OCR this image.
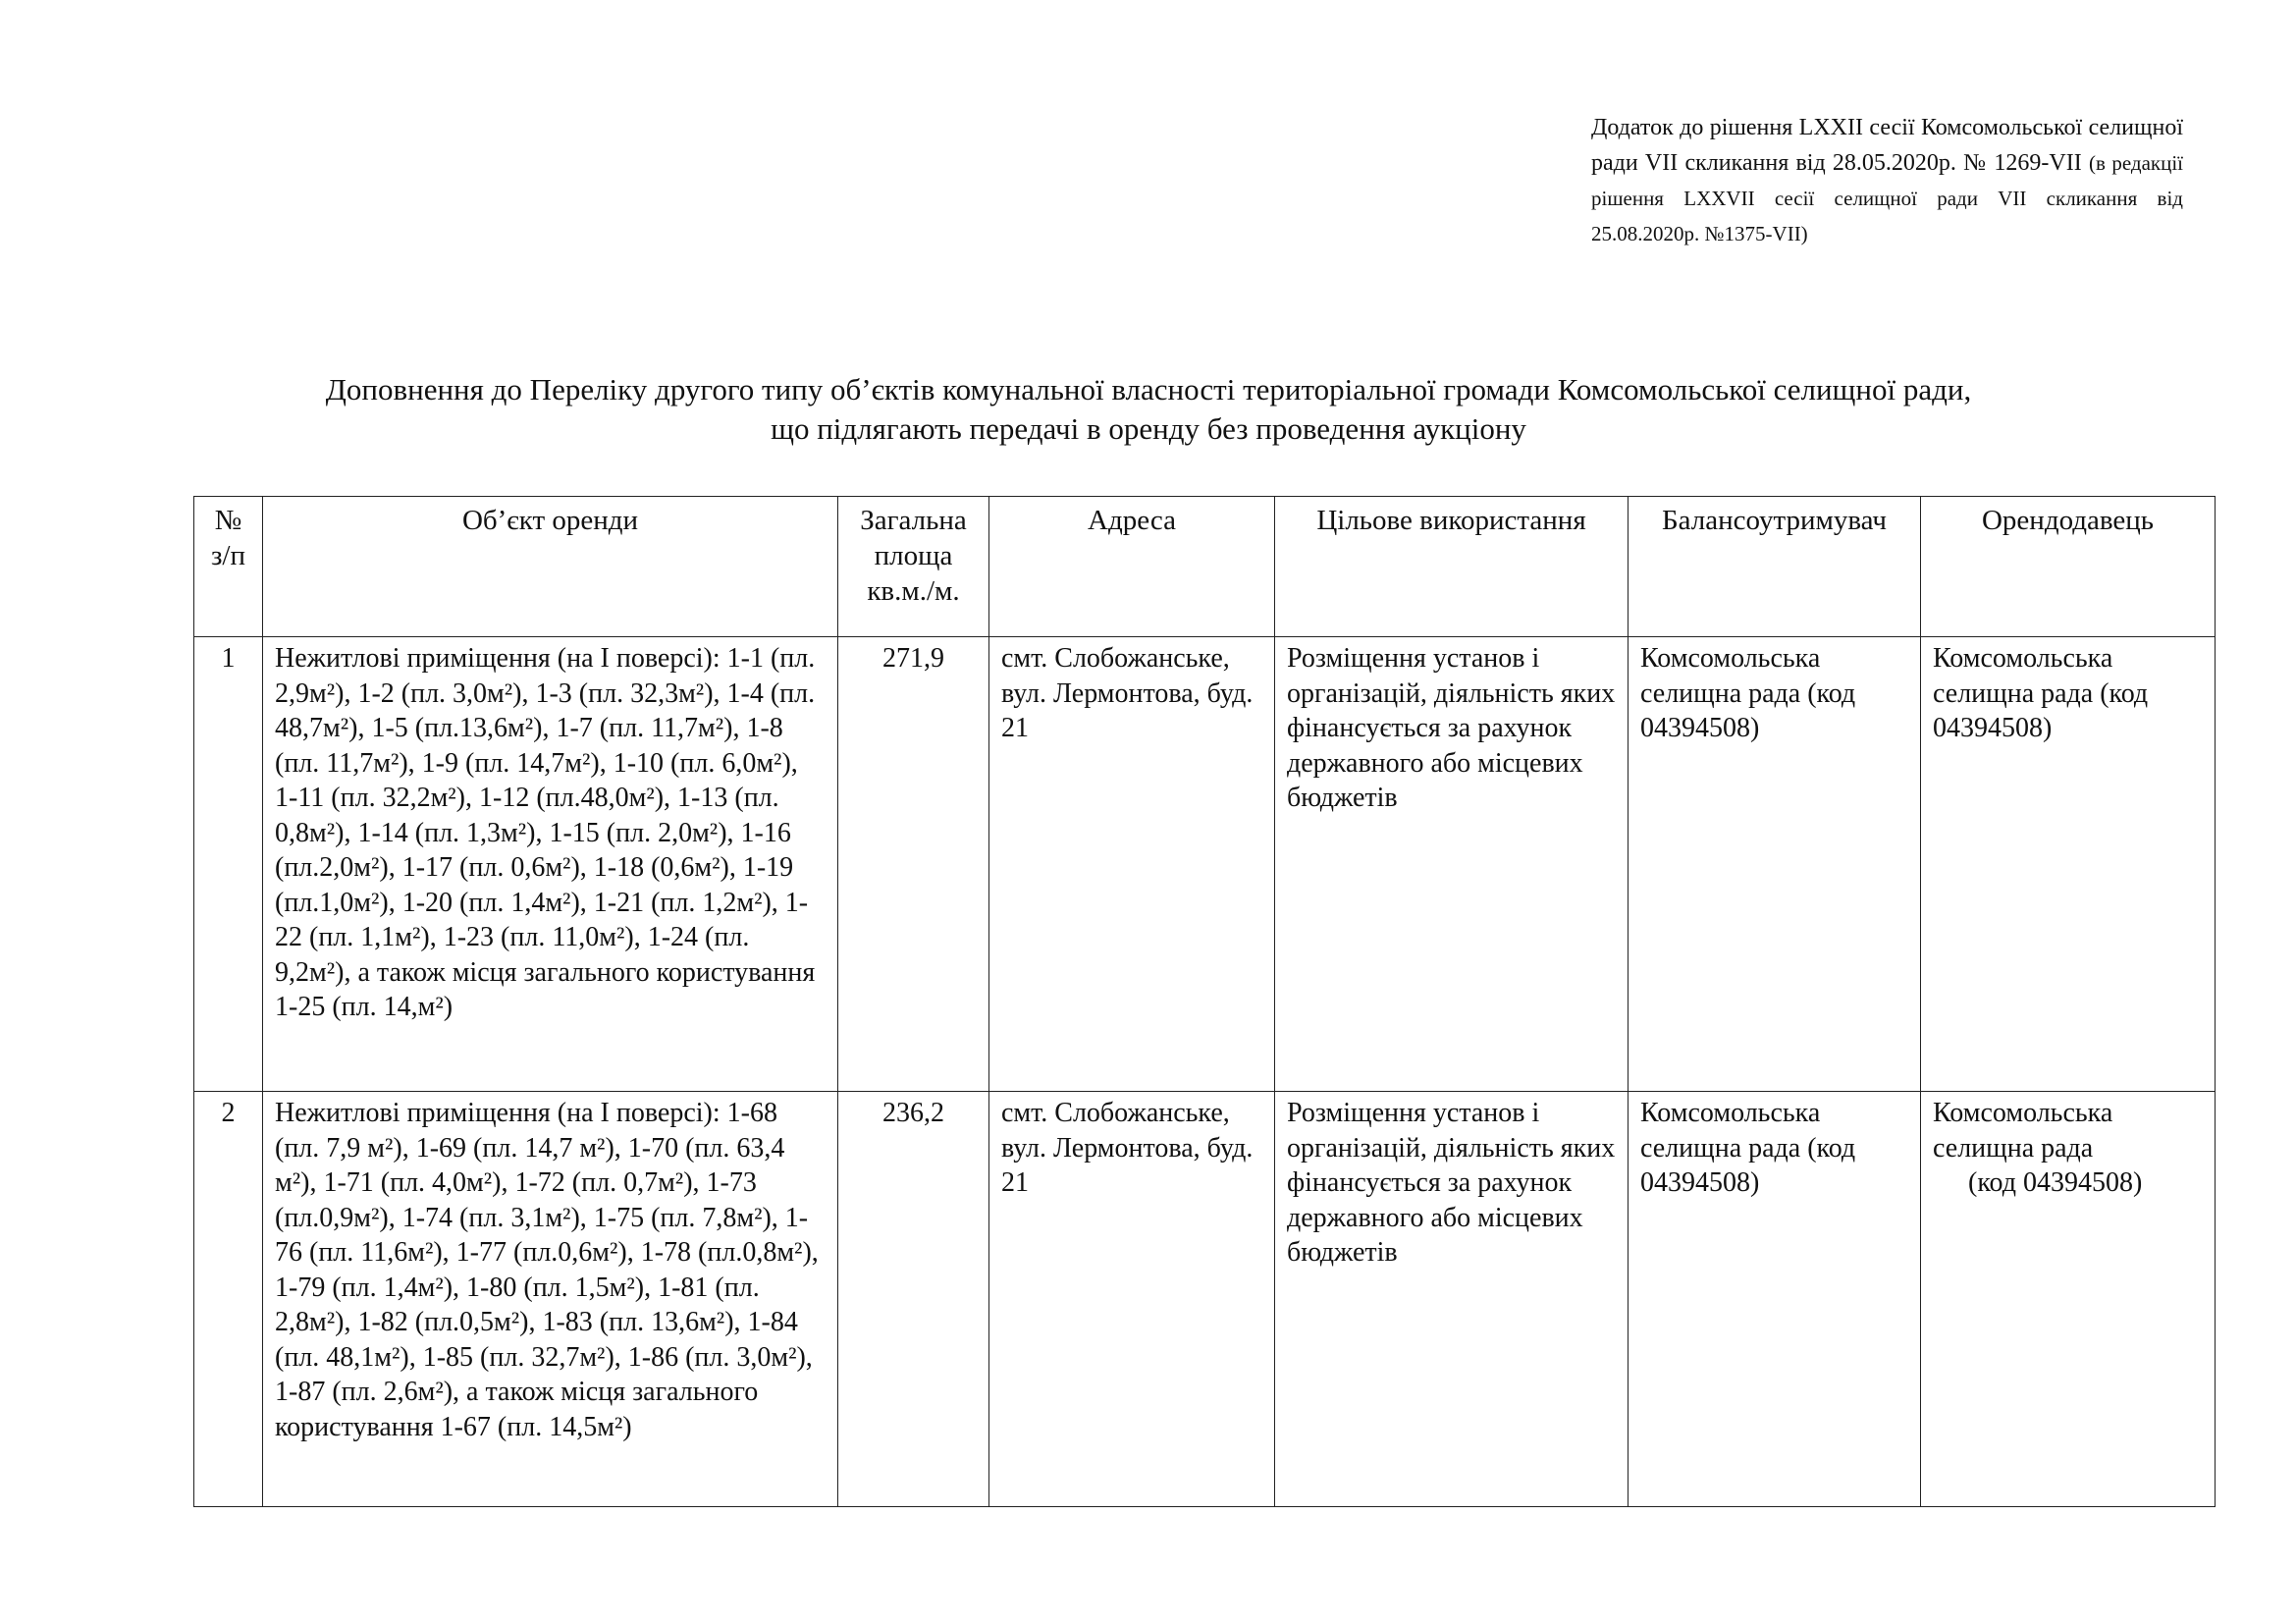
Додаток до рішення LXXII сесії Комсомольської селищної ради VII скликання від 28.05.2020р. № 1269-VII (в редакції рішення LXXVII сесії селищної ради VII скликання від 25.08.2020р. №1375-VII)
Доповнення до Переліку другого типу об’єктів комунальної власності територіальної громади Комсомольської селищної ради,
що підлягають передачі в оренду без проведення аукціону
№ з/п	Об’єкт оренди	Загальна площа кв.м./м.	Адреса	Цільове використання	Балансоутримувач	Орендодавець
1	Нежитлові приміщення (на І поверсі): 1-1 (пл. 2,9м²), 1-2 (пл. 3,0м²), 1-3 (пл. 32,3м²), 1-4 (пл. 48,7м²), 1-5 (пл.13,6м²), 1-7 (пл. 11,7м²), 1-8 (пл. 11,7м²), 1-9 (пл. 14,7м²), 1-10 (пл. 6,0м²), 1-11 (пл. 32,2м²), 1-12 (пл.48,0м²), 1-13 (пл. 0,8м²), 1-14 (пл. 1,3м²), 1-15 (пл. 2,0м²), 1-16 (пл.2,0м²), 1-17 (пл. 0,6м²), 1-18 (0,6м²), 1-19 (пл.1,0м²), 1-20 (пл. 1,4м²), 1-21 (пл. 1,2м²), 1-22 (пл. 1,1м²), 1-23 (пл. 11,0м²), 1-24 (пл. 9,2м²), а також місця загального користування 1-25 (пл. 14,м²)	271,9	смт. Слобожанське, вул. Лермонтова, буд. 21	Розміщення установ і організацій, діяльність яких фінансується за рахунок державного або місцевих бюджетів	Комсомольська селищна рада (код 04394508)	Комсомольська селищна рада (код 04394508)
2	Нежитлові приміщення (на І поверсі): 1-68 (пл. 7,9 м²), 1-69 (пл. 14,7 м²), 1-70 (пл. 63,4 м²), 1-71 (пл. 4,0м²), 1-72 (пл. 0,7м²), 1-73 (пл.0,9м²), 1-74 (пл. 3,1м²), 1-75 (пл. 7,8м²), 1-76 (пл. 11,6м²), 1-77 (пл.0,6м²), 1-78 (пл.0,8м²), 1-79 (пл. 1,4м²), 1-80 (пл. 1,5м²), 1-81 (пл. 2,8м²), 1-82 (пл.0,5м²), 1-83 (пл. 13,6м²), 1-84 (пл. 48,1м²), 1-85 (пл. 32,7м²), 1-86 (пл. 3,0м²), 1-87 (пл. 2,6м²), а також місця загального користування 1-67 (пл. 14,5м²)	236,2	смт. Слобожанське, вул. Лермонтова, буд. 21	Розміщення установ і організацій, діяльність яких фінансується за рахунок державного або місцевих бюджетів	Комсомольська селищна рада (код 04394508)	Комсомольська селищна рада
(код 04394508)
